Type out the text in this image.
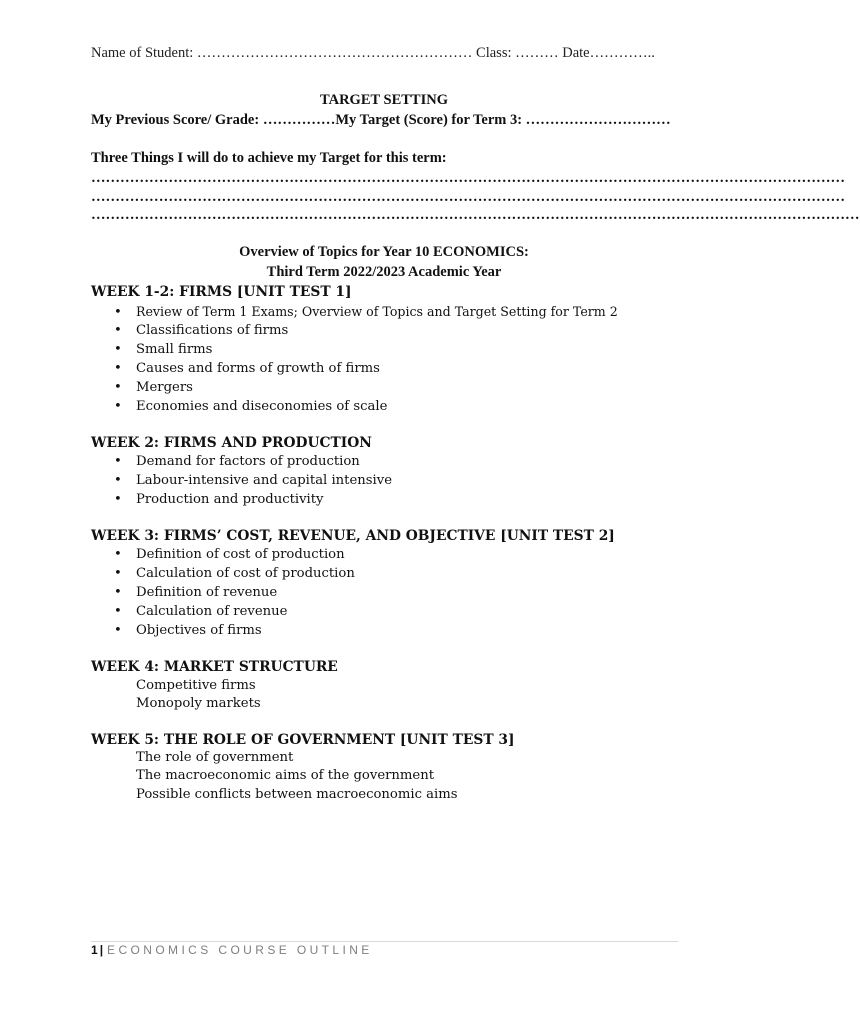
Name of Student: ………………………………………………… Class: ……… Date…………..
TARGET SETTING
My Previous Score/ Grade: ……………My Target (Score) for Term 3: …………………………
Three Things I will do to achieve my Target for this term:
…………………………………………………………………………………………………………………………………………
…………………………………………………………………………………………………………………………………………
……………………………………………………………………………………………………………………………………………
Overview of Topics for Year 10 ECONOMICS:
Third Term 2022/2023 Academic Year
WEEK 1-2: FIRMS [UNIT TEST 1]
• Review of Term 1 Exams; Overview of Topics and Target Setting for Term 2
• Classifications of firms
• Small firms
• Causes and forms of growth of firms
• Mergers
• Economies and diseconomies of scale
WEEK 2: FIRMS AND PRODUCTION
• Demand for factors of production
• Labour-intensive and capital intensive
• Production and productivity
WEEK 3: FIRMS’ COST, REVENUE, AND OBJECTIVE [UNIT TEST 2]
• Definition of cost of production
• Calculation of cost of production
• Definition of revenue
• Calculation of revenue
• Objectives of firms
WEEK 4: MARKET STRUCTURE
Competitive firms
Monopoly markets
WEEK 5: THE ROLE OF GOVERNMENT [UNIT TEST 3]
The role of government
The macroeconomic aims of the government
Possible conflicts between macroeconomic aims
1 | ECONOMICS COURSE OUTLINE
